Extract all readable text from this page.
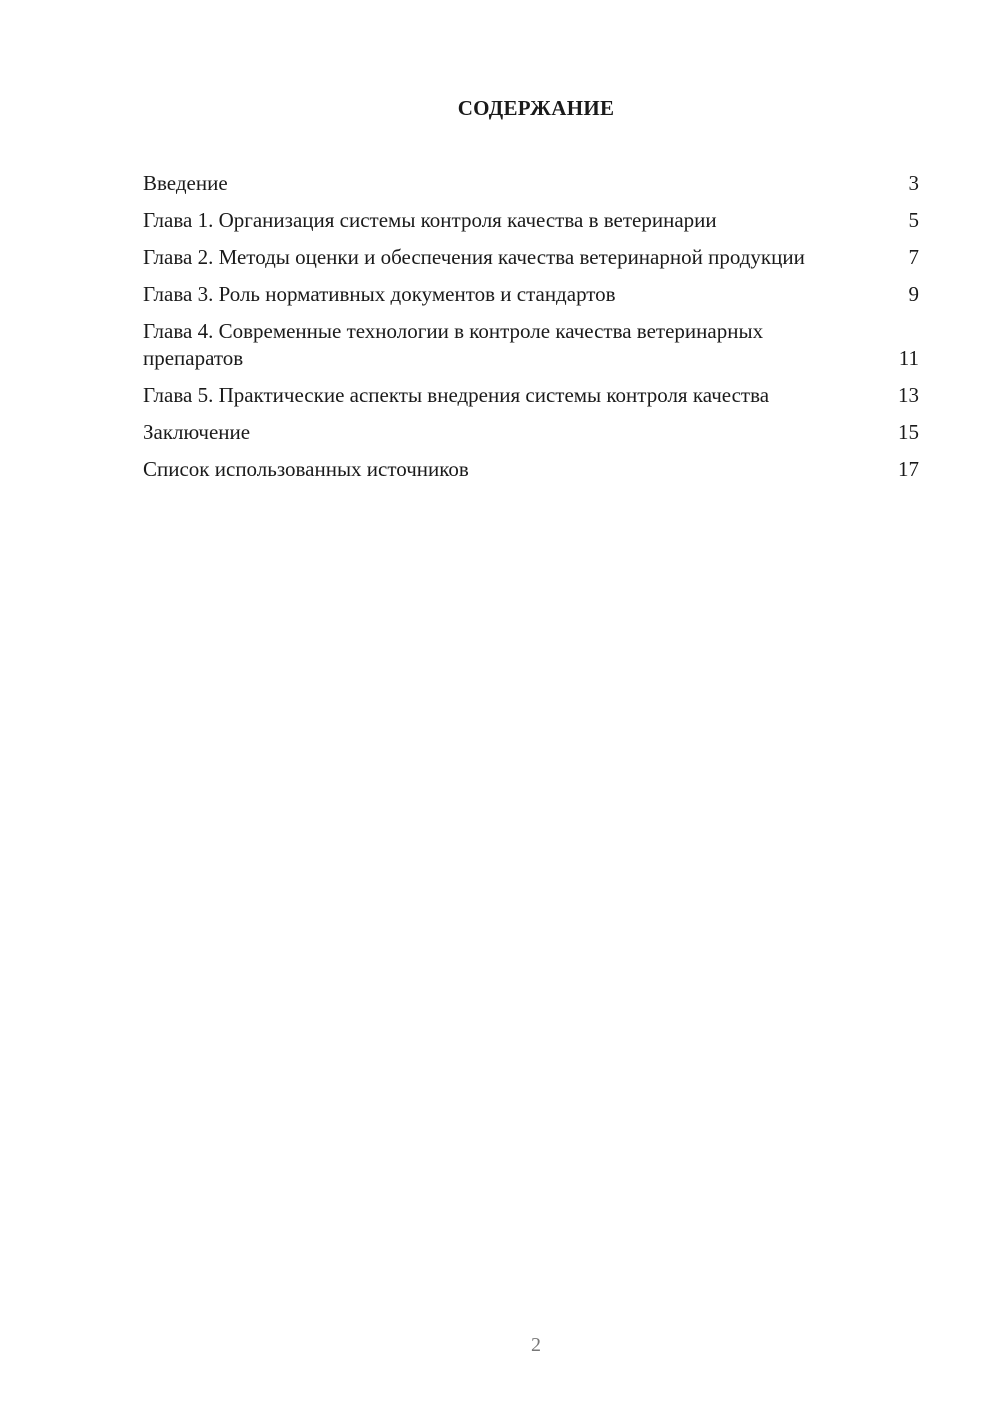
СОДЕРЖАНИЕ
Введение	3
Глава 1. Организация системы контроля качества в ветеринарии	5
Глава 2. Методы оценки и обеспечения качества ветеринарной продукции	7
Глава 3. Роль нормативных документов и стандартов	9
Глава 4. Современные технологии в контроле качества ветеринарных препаратов	11
Глава 5. Практические аспекты внедрения системы контроля качества	13
Заключение	15
Список использованных источников	17
2
